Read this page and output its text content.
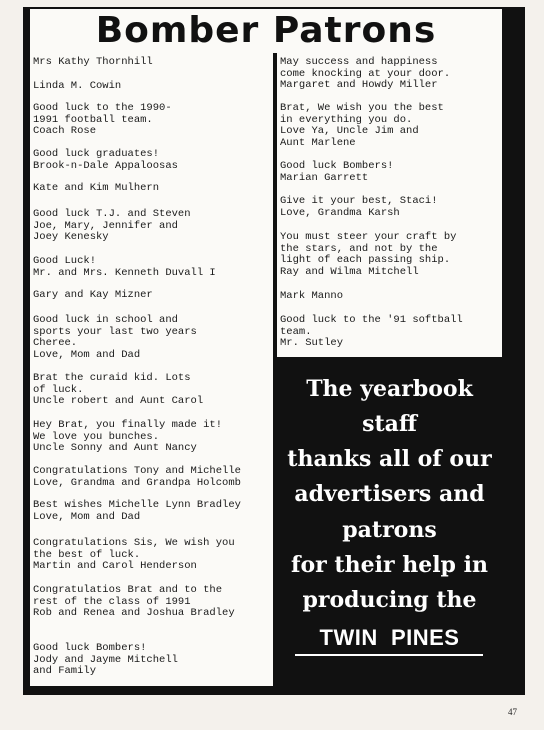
Bomber Patrons
Mrs Kathy Thornhill
Linda M. Cowin
Good luck to the 1990-
1991 football team.
Coach Rose
Good luck graduates!
Brook-n-Dale Appaloosas
Kate and Kim Mulhern
Good luck T.J. and Steven
Joe, Mary, Jennifer and
Joey Kenesky
Good Luck!
Mr. and Mrs. Kenneth Duvall I
Gary and Kay Mizner
Good luck in school and
sports your last two years
Cheree.
Love, Mom and Dad
Brat the curaid kid. Lots
of luck.
Uncle robert and Aunt Carol
Hey Brat, you finally made it!
We love you bunches.
Uncle Sonny and Aunt Nancy
Congratulations Tony and Michelle
Love, Grandma and Grandpa Holcomb
Best wishes Michelle Lynn Bradley
Love, Mom and Dad
Congratulations Sis, We wish you
the best of luck.
Martin and Carol Henderson
Congratulatios Brat and to the
rest of the class of 1991
Rob and Renea and Joshua Bradley
Good luck Bombers!
Jody and Jayme Mitchell
and Family
May success and happiness
come knocking at your door.
Margaret and Howdy Miller
Brat, We wish you the best
in everything you do.
Love Ya, Uncle Jim and
Aunt Marlene
Good luck Bombers!
Marian Garrett
Give it your best, Staci!
Love, Grandma Karsh
You must steer your craft by
the stars, and not by the
light of each passing ship.
Ray and Wilma Mitchell
Mark Manno
Good luck to the '91 softball
team.
Mr. Sutley
The yearbook
staff
thanks all of our
advertisers and
patrons
for their help in
producing the
TWIN  PINES
47
